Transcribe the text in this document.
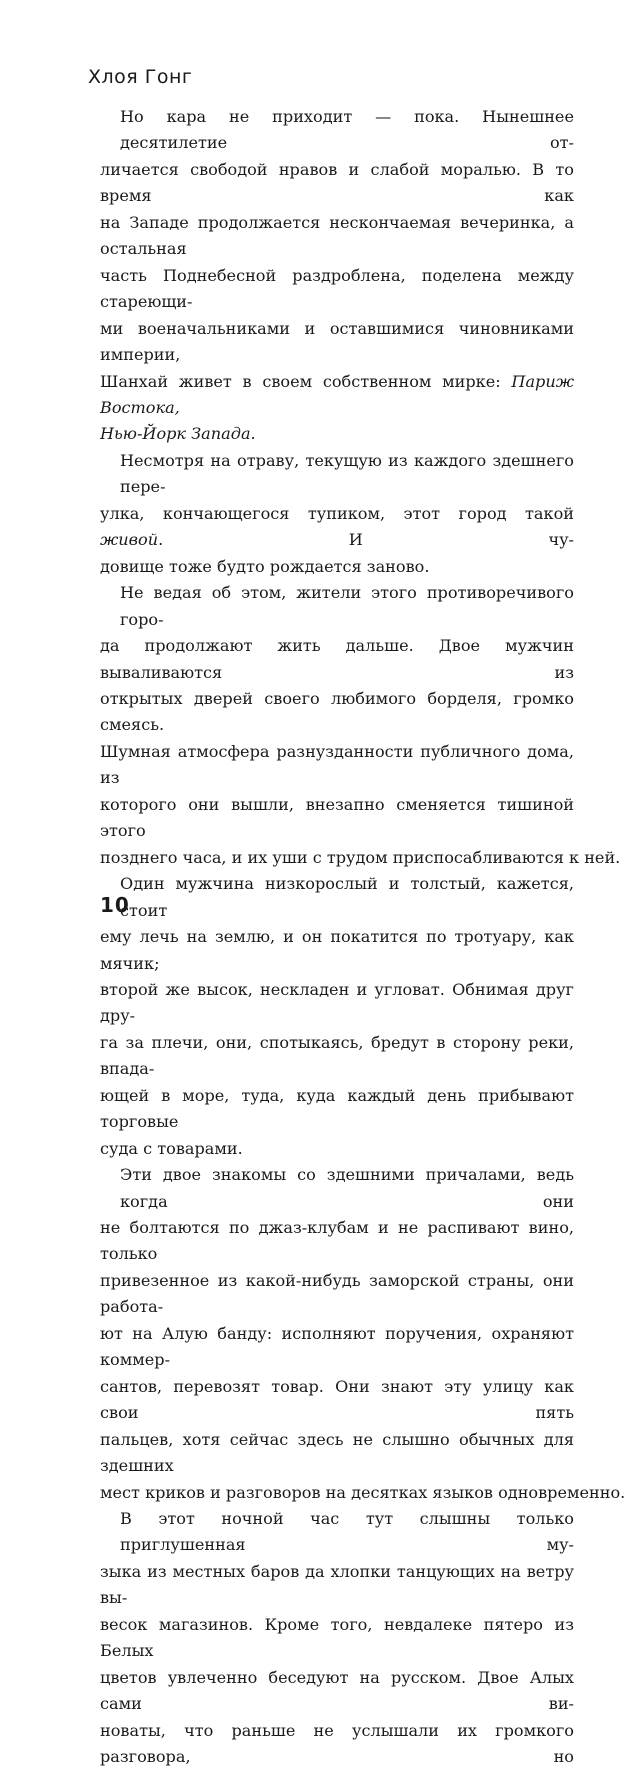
Хлоя Гонг
Но кара не приходит — пока. Нынешнее десятилетие от-
личается свободой нравов и слабой моралью. В то время как
на Западе продолжается нескончаемая вечеринка, а остальная
часть Поднебесной раздроблена, поделена между стареющи-
ми военачальниками и оставшимися чиновниками империи,
Шанхай живет в своем собственном мирке: Париж Востока,
Нью-Йорк Запада.
Несмотря на отраву, текущую из каждого здешнего пере-
улка, кончающегося тупиком, этот город такой живой. И чу-
довище тоже будто рождается заново.
Не ведая об этом, жители этого противоречивого горо-
да продолжают жить дальше. Двое мужчин вываливаются из
открытых дверей своего любимого борделя, громко смеясь.
Шумная атмосфера разнузданности публичного дома, из
которого они вышли, внезапно сменяется тишиной этого
позднего часа, и их уши с трудом приспосабливаются к ней.
Один мужчина низкорослый и толстый, кажется, стоит
ему лечь на землю, и он покатится по тротуару, как мячик;
второй же высок, нескладен и угловат. Обнимая друг дру-
га за плечи, они, спотыкаясь, бредут в сторону реки, впада-
ющей в море, туда, куда каждый день прибывают торговые
суда с товарами.
Эти двое знакомы со здешними причалами, ведь когда они
не болтаются по джаз-клубам и не распивают вино, только
привезенное из какой-нибудь заморской страны, они работа-
ют на Алую банду: исполняют поручения, охраняют коммер-
сантов, перевозят товар. Они знают эту улицу как свои пять
пальцев, хотя сейчас здесь не слышно обычных для здешних
мест криков и разговоров на десятках языков одновременно.
В этот ночной час тут слышны только приглушенная му-
зыка из местных баров да хлопки танцующих на ветру вы-
весок магазинов. Кроме того, невдалеке пятеро из Белых
цветов увлеченно беседуют на русском. Двое Алых сами ви-
новаты, что раньше не услышали их громкого разговора, но
10
